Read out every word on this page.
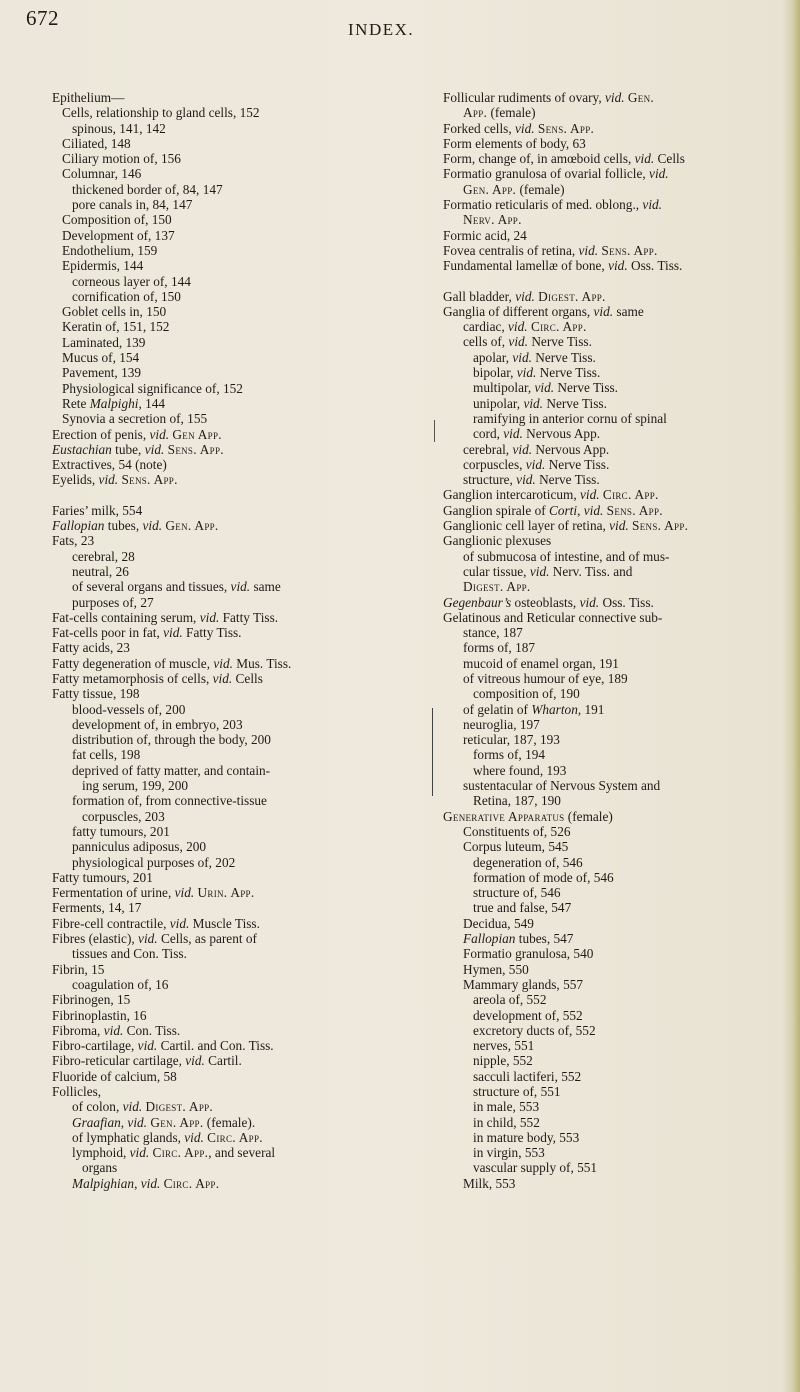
672	INDEX.
Epithelium—
Cells, relationship to gland cells, 152
spinous, 141, 142
Ciliated, 148
Ciliary motion of, 156
Columnar, 146
thickened border of, 84, 147
pore canals in, 84, 147
Composition of, 150
Development of, 137
Endothelium, 159
Epidermis, 144
corneous layer of, 144
cornification of, 150
Goblet cells in, 150
Keratin of, 151, 152
Laminated, 139
Mucus of, 154
Pavement, 139
Physiological significance of, 152
Rete Malpighi, 144
Synovia a secretion of, 155
Erection of penis, vid. Gen App.
Eustachian tube, vid. Sens. App.
Extractives, 54 (note)
Eyelids, vid. Sens. App.
Faries’ milk, 554
Fallopian tubes, vid. Gen. App.
Fats, 23
cerebral, 28
neutral, 26
of several organs and tissues, vid. same
purposes of, 27
Fat-cells containing serum, vid. Fatty Tiss.
Fat-cells poor in fat, vid. Fatty Tiss.
Fatty acids, 23
Fatty degeneration of muscle, vid. Mus. Tiss.
Fatty metamorphosis of cells, vid. Cells
Fatty tissue, 198
blood-vessels of, 200
development of, in embryo, 203
distribution of, through the body, 200
fat cells, 198
deprived of fatty matter, and contain-
ing serum, 199, 200
formation of, from connective-tissue
corpuscles, 203
fatty tumours, 201
panniculus adiposus, 200
physiological purposes of, 202
Fatty tumours, 201
Fermentation of urine, vid. Urin. App.
Ferments, 14, 17
Fibre-cell contractile, vid. Muscle Tiss.
Fibres (elastic), vid. Cells, as parent of
tissues and Con. Tiss.
Fibrin, 15
coagulation of, 16
Fibrinogen, 15
Fibrinoplastin, 16
Fibroma, vid. Con. Tiss.
Fibro-cartilage, vid. Cartil. and Con. Tiss.
Fibro-reticular cartilage, vid. Cartil.
Fluoride of calcium, 58
Follicles,
of colon, vid. Digest. App.
Graafian, vid. Gen. App. (female).
of lymphatic glands, vid. Circ. App.
lymphoid, vid. Circ. App., and several
organs
Malpighian, vid. Circ. App.
Follicular rudiments of ovary, vid. Gen.
App. (female)
Forked cells, vid. Sens. App.
Form elements of body, 63
Form, change of, in amœboid cells, vid. Cells
Formatio granulosa of ovarial follicle, vid.
Gen. App. (female)
Formatio reticularis of med. oblong., vid.
Nerv. App.
Formic acid, 24
Fovea centralis of retina, vid. Sens. App.
Fundamental lamellæ of bone, vid. Oss. Tiss.
Gall bladder, vid. Digest. App.
Ganglia of different organs, vid. same
cardiac, vid. Circ. App.
cells of, vid. Nerve Tiss.
apolar, vid. Nerve Tiss.
bipolar, vid. Nerve Tiss.
multipolar, vid. Nerve Tiss.
unipolar, vid. Nerve Tiss.
ramifying in anterior cornu of spinal
cord, vid. Nervous App.
cerebral, vid. Nervous App.
corpuscles, vid. Nerve Tiss.
structure, vid. Nerve Tiss.
Ganglion intercaroticum, vid. Circ. App.
Ganglion spirale of Corti, vid. Sens. App.
Ganglionic cell layer of retina, vid. Sens. App.
Ganglionic plexuses
of submucosa of intestine, and of mus-
cular tissue, vid. Nerv. Tiss. and
Digest. App.
Gegenbaur’s osteoblasts, vid. Oss. Tiss.
Gelatinous and Reticular connective sub-
stance, 187
forms of, 187
mucoid of enamel organ, 191
of vitreous humour of eye, 189
composition of, 190
of gelatin of Wharton, 191
neuroglia, 197
reticular, 187, 193
forms of, 194
where found, 193
sustentacular of Nervous System and
Retina, 187, 190
Generative Apparatus (female)
Constituents of, 526
Corpus luteum, 545
degeneration of, 546
formation of mode of, 546
structure of, 546
true and false, 547
Decidua, 549
Fallopian tubes, 547
Formatio granulosa, 540
Hymen, 550
Mammary glands, 557
areola of, 552
development of, 552
excretory ducts of, 552
nerves, 551
nipple, 552
sacculi lactiferi, 552
structure of, 551
in male, 553
in child, 552
in mature body, 553
in virgin, 553
vascular supply of, 551
Milk, 553
